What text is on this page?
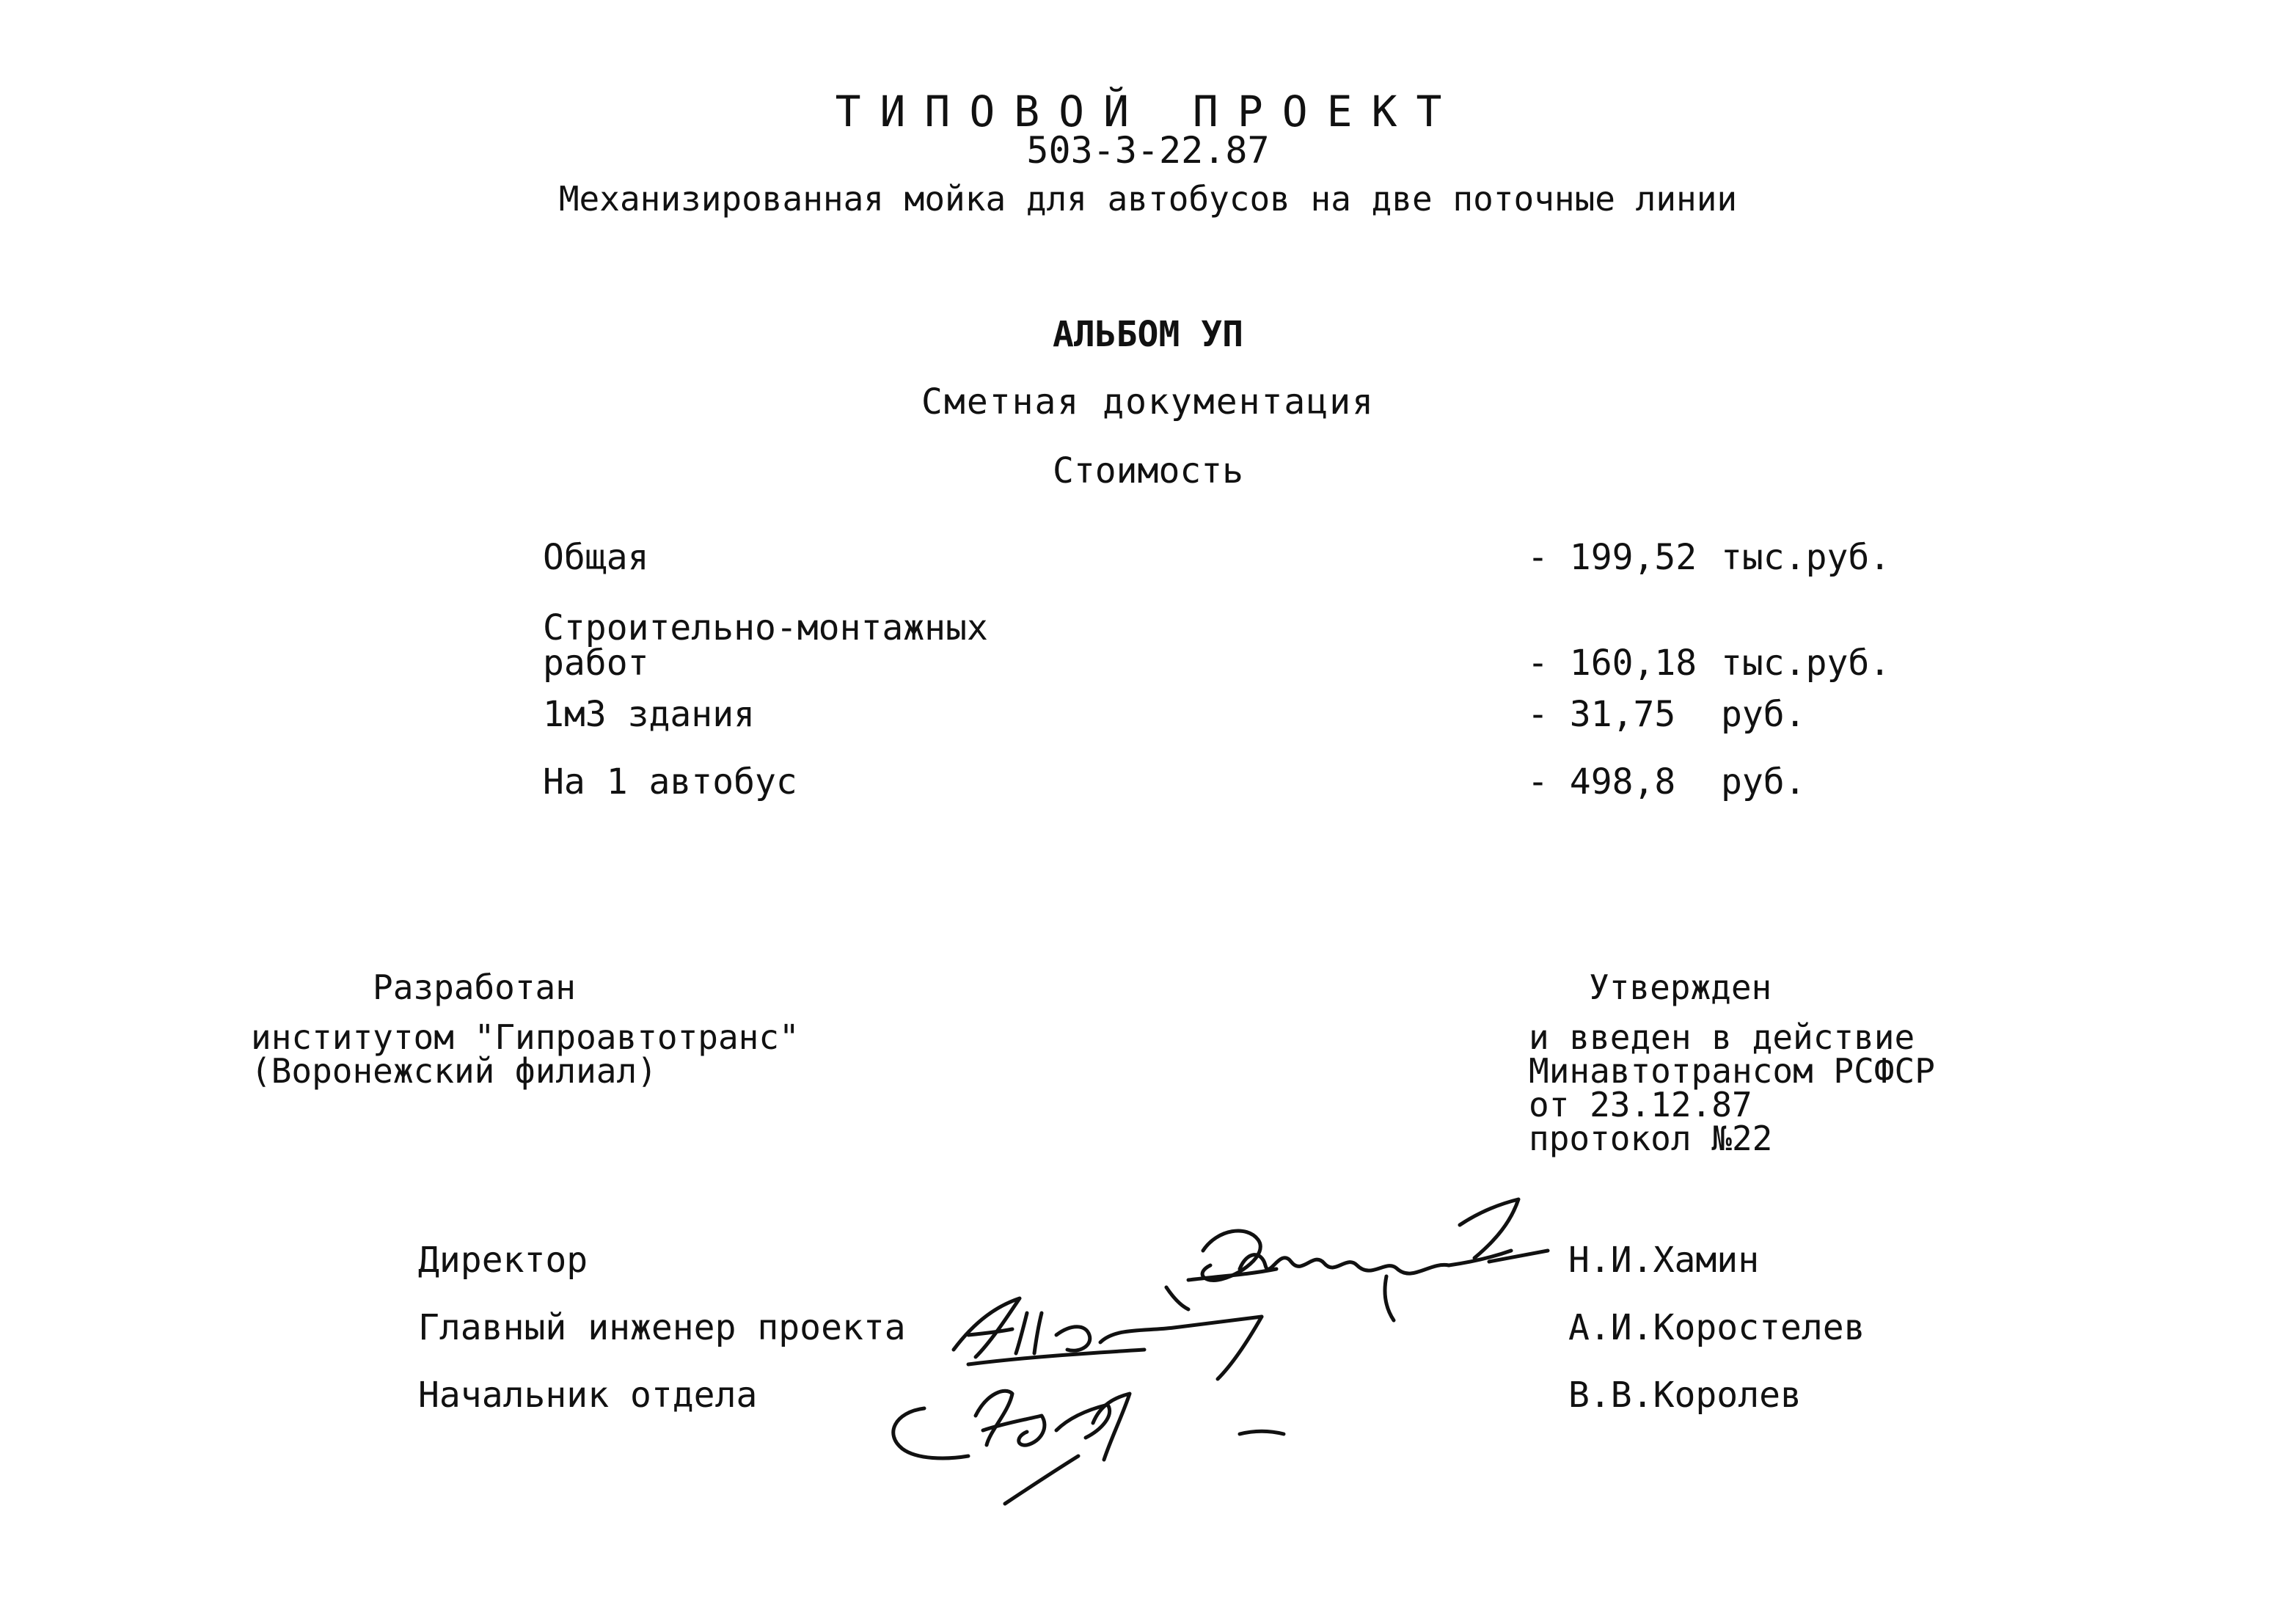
ТИПОВОЙ ПРОЕКТ
503-3-22.87
Механизированная мойка для автобусов на две поточные линии
АЛЬБОМ УП
Сметная документация
Стоимость
Общая	- 199,52 тыс.руб.
Строительно-монтажных
работ	- 160,18 тыс.руб.
1м3 здания	- 31,75 руб.
На 1 автобус	- 498,8 руб.
Разработан
институтом "Гипроавтотранс"
(Воронежский филиал)
Утвержден
и введен в действие
Минавтотрансом РСФСР
от 23.12.87
протокол №22
Директор	Н.И.Хамин
Главный инженер проекта	А.И.Коростелев
Начальник отдела	В.В.Королев
